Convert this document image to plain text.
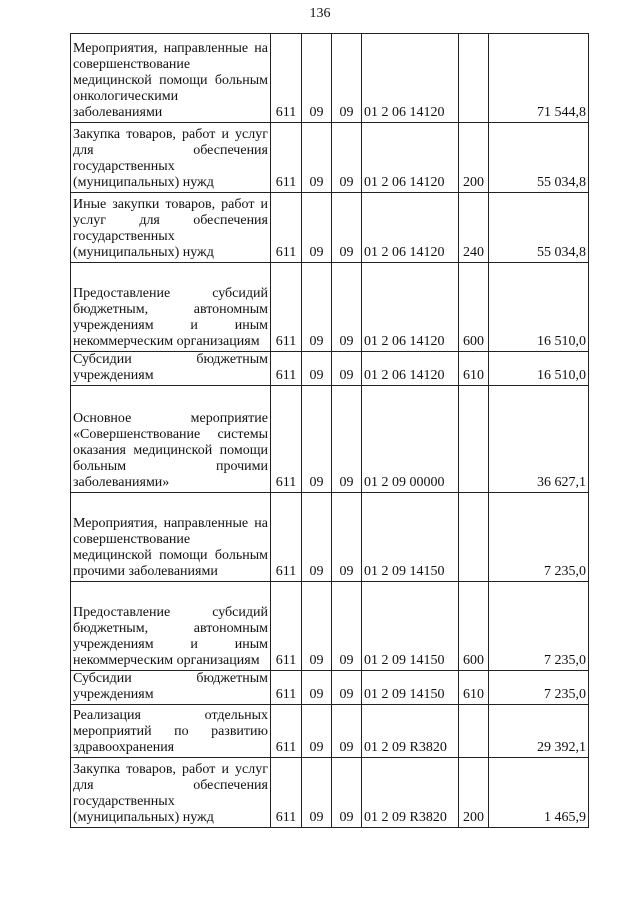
136
Мероприятия, направленные на совершенствование медицинской помощи больным онкологическими заболеваниями	611	09	09	01 2 06 14120		71 544,8
Закупка товаров, работ и услуг для обеспечения государственных (муниципальных) нужд	611	09	09	01 2 06 14120	200	55 034,8
Иные закупки товаров, работ и услуг для обеспечения государственных (муниципальных) нужд	611	09	09	01 2 06 14120	240	55 034,8
Предоставление субсидий бюджетным, автономным учреждениям и иным некоммерческим организациям	611	09	09	01 2 06 14120	600	16 510,0
Субсидии бюджетным учреждениям	611	09	09	01 2 06 14120	610	16 510,0
Основное мероприятие «Совершенствование системы оказания медицинской помощи больным прочими заболеваниями»	611	09	09	01 2 09 00000		36 627,1
Мероприятия, направленные на совершенствование медицинской помощи больным прочими заболеваниями	611	09	09	01 2 09 14150		7 235,0
Предоставление субсидий бюджетным, автономным учреждениям и иным некоммерческим организациям	611	09	09	01 2 09 14150	600	7 235,0
Субсидии бюджетным учреждениям	611	09	09	01 2 09 14150	610	7 235,0
Реализация отдельных мероприятий по развитию здравоохранения	611	09	09	01 2 09 R3820		29 392,1
Закупка товаров, работ и услуг для обеспечения государственных (муниципальных) нужд	611	09	09	01 2 09 R3820	200	1 465,9
